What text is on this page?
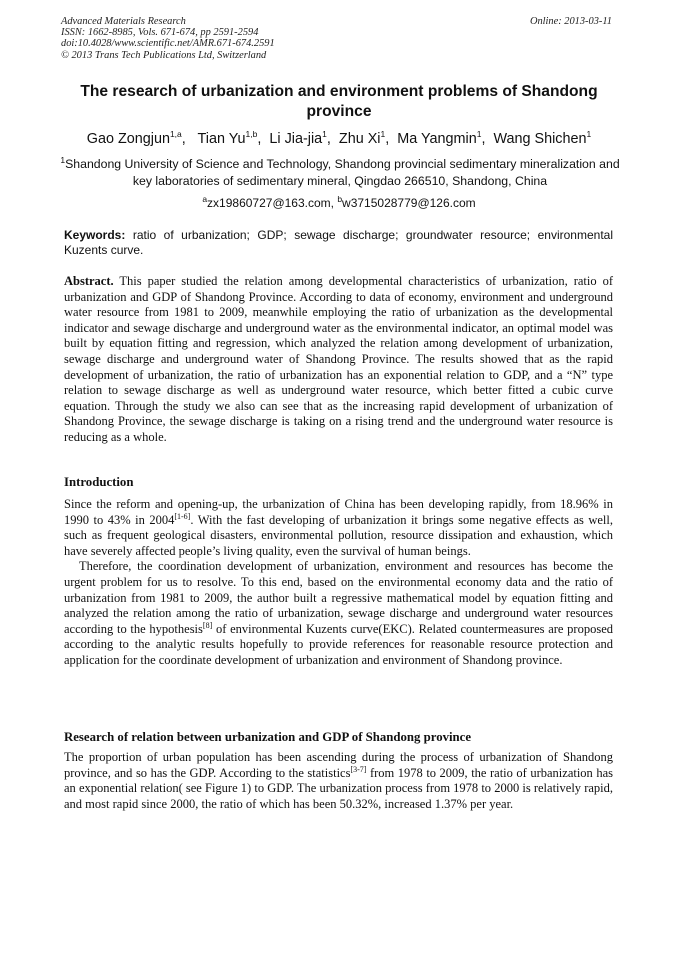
Advanced Materials Research
ISSN: 1662-8985, Vols. 671-674, pp 2591-2594
doi:10.4028/www.scientific.net/AMR.671-674.2591
© 2013 Trans Tech Publications Ltd, Switzerland
Online: 2013-03-11
The research of urbanization and environment problems of Shandong province
Gao Zongjun$^{1,a}$,   Tian Yu$^{1,b}$,  Li Jia-jia$^1$,  Zhu Xi$^1$,  Ma Yangmin$^1$,  Wang Shichen$^1$
$^1$Shandong University of Science and Technology, Shandong provincial sedimentary mineralization and key laboratories of sedimentary mineral, Qingdao 266510, Shandong, China
$^a$zx19860727@163.com, $^b$w3715028779@126.com
Keywords: ratio of urbanization; GDP; sewage discharge; groundwater resource; environmental Kuzents curve.
Abstract. This paper studied the relation among developmental characteristics of urbanization, ratio of urbanization and GDP of Shandong Province. According to data of economy, environment and underground water resource from 1981 to 2009, meanwhile employing the ratio of urbanization as the developmental indicator and sewage discharge and underground water as the environmental indicator, an optimal model was built by equation fitting and regression, which analyzed the relation among development of urbanization, sewage discharge and underground water of Shandong Province. The results showed that as the rapid development of urbanization, the ratio of urbanization has an exponential relation to GDP, and a “N” type relation to sewage discharge as well as underground water resource, which better fitted a cubic curve equation. Through the study we also can see that as the increasing rapid development of urbanization of Shandong Province, the sewage discharge is taking on a rising trend and the underground water resource is reducing as a whole.
Introduction

Since the reform and opening-up, the urbanization of China has been developing rapidly, from 18.96% in 1990 to 43% in 2004[1-6]. With the fast developing of urbanization it brings some negative effects as well, such as frequent geological disasters, environmental pollution, resource dissipation and exhaustion, which have severely affected people’s living quality, even the survival of human beings.

Therefore, the coordination development of urbanization, environment and resources has become the urgent problem for us to resolve. To this end, based on the environmental economy data and the ratio of urbanization from 1981 to 2009, the author built a regressive mathematical model by equation fitting and analyzed the relation among the ratio of urbanization, sewage discharge and underground water resources according to the hypothesis[8] of environmental Kuzents curve(EKC). Related countermeasures are proposed according to the analytic results hopefully to provide references for reasonable resource protection and application for the coordinate development of urbanization and environment of Shandong province.

Research of relation between urbanization and GDP of Shandong province

The proportion of urban population has been ascending during the process of urbanization of Shandong province, and so has the GDP. According to the statistics[3-7] from 1978 to 2009, the ratio of urbanization has an exponential relation( see Figure 1) to GDP. The urbanization process from 1978 to 2000 is relatively rapid, and most rapid since 2000, the ratio of which has been 50.32%, increased 1.37% per year.
